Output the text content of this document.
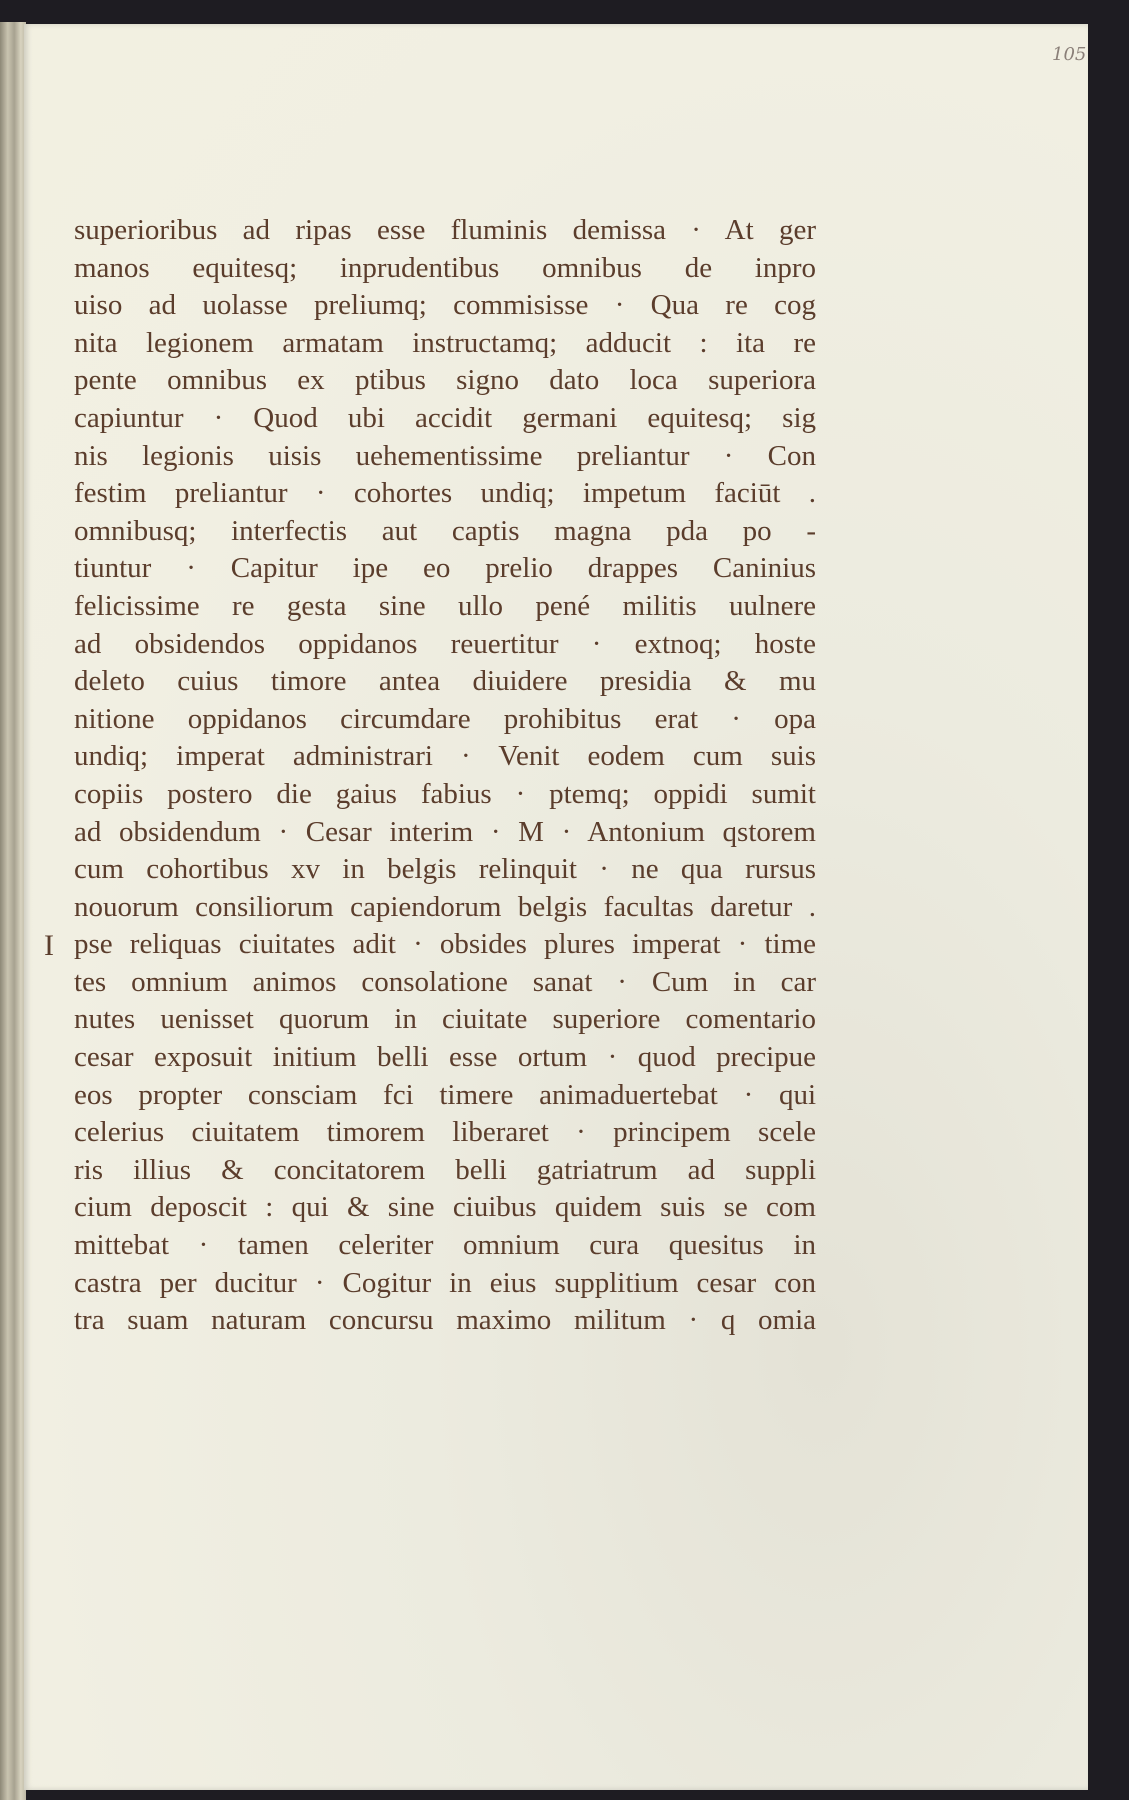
105
I
superioribus ad ripas esse fluminis demissa · At ger
manos equitesq; inprudentibus omnibus de inpro
uiso ad uolasse preliumq; commisisse · Qua re cog
nita legionem armatam instructamq; adducit : ita re
pente omnibus ex ptibus signo dato loca superiora
capiuntur · Quod ubi accidit germani equitesq; sig
nis legionis uisis uehementissime preliantur · Con
festim preliantur · cohortes undiq; impetum faciūt .
omnibusq; interfectis aut captis magna pda po -
tiuntur · Capitur ipe eo prelio drappes Caninius
felicissime re gesta sine ullo pené militis uulnere
ad obsidendos oppidanos reuertitur · extnoq; hoste
deleto cuius timore antea diuidere presidia & mu
nitione oppidanos circumdare prohibitus erat · opa
undiq; imperat administrari · Venit eodem cum suis
copiis postero die gaius fabius · ptemq; oppidi sumit
ad obsidendum · Cesar interim · M · Antonium qstorem
cum cohortibus xv in belgis relinquit · ne qua rursus
nouorum consiliorum capiendorum belgis facultas daretur .
pse reliquas ciuitates adit · obsides plures imperat · time
tes omnium animos consolatione sanat · Cum in car
nutes uenisset quorum in ciuitate superiore comentario
cesar exposuit initium belli esse ortum · quod precipue
eos propter consciam fci timere animaduertebat · qui
celerius ciuitatem timorem liberaret · principem scele
ris illius & concitatorem belli gatriatrum ad suppli
cium deposcit : qui & sine ciuibus quidem suis se com
mittebat · tamen celeriter omnium cura quesitus in
castra per ducitur · Cogitur in eius supplitium cesar con
tra suam naturam concursu maximo militum · q omia
